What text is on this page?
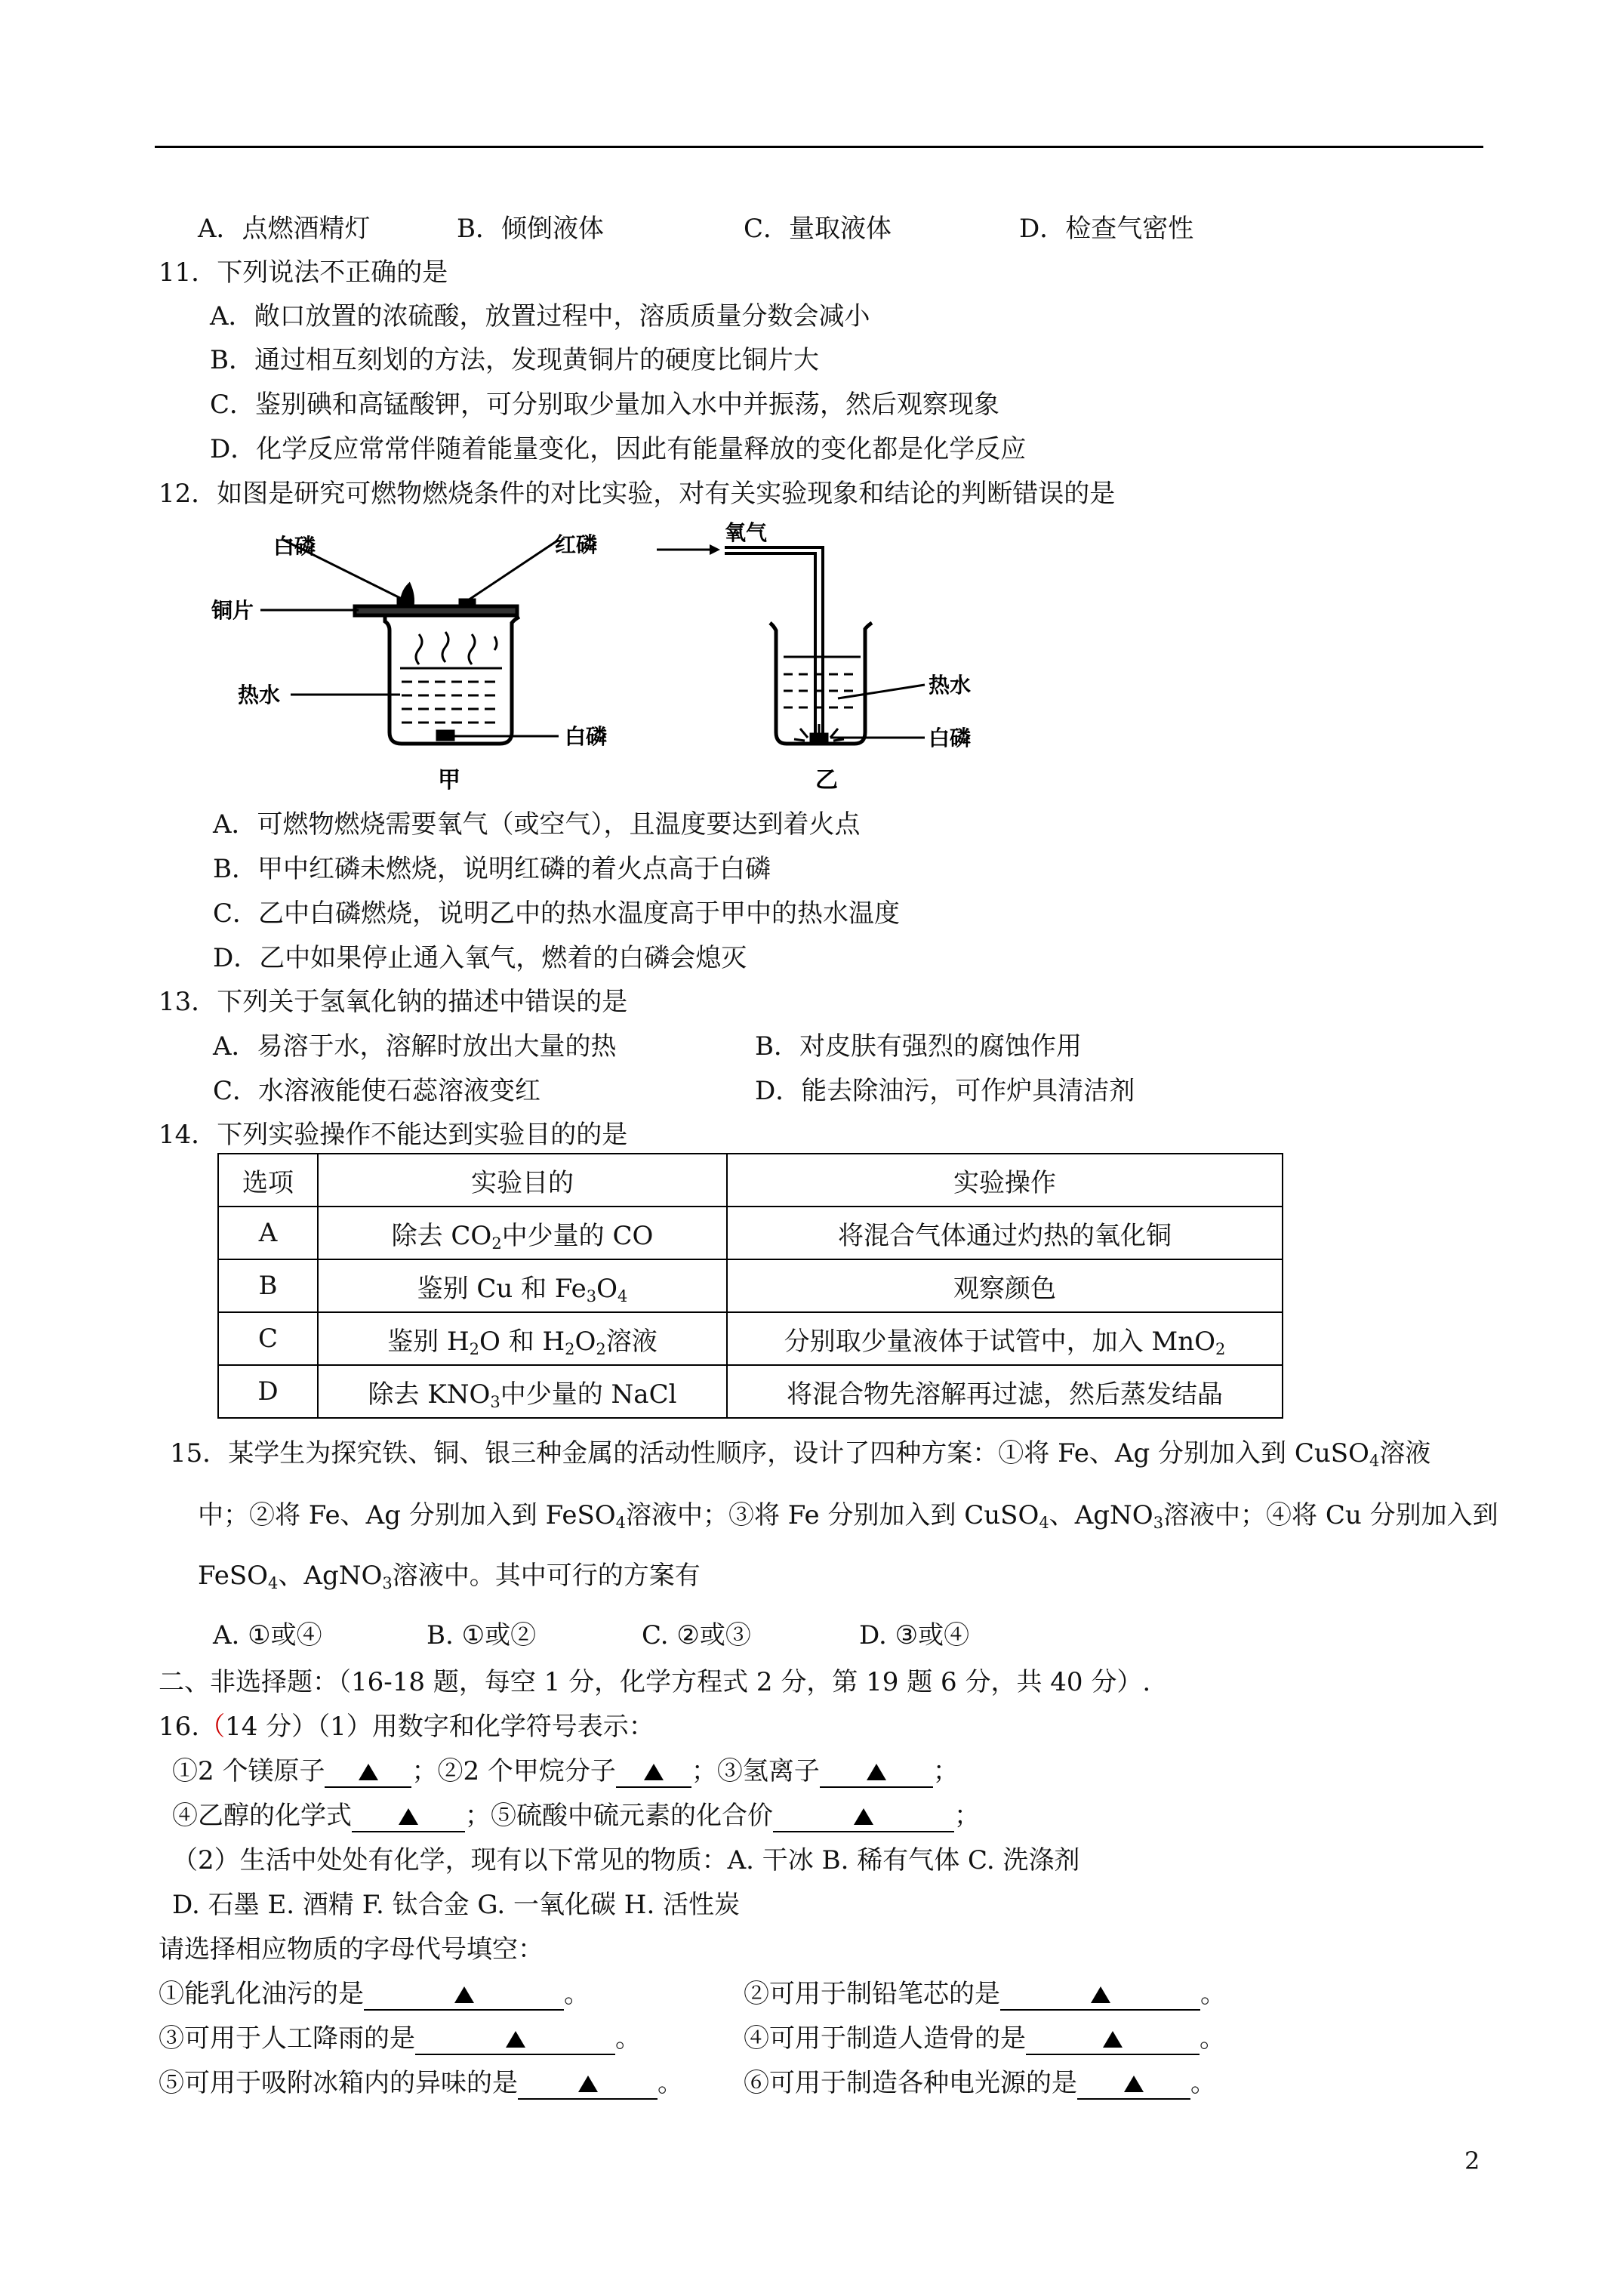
A．点燃酒精灯	B．倾倒液体	C．量取液体	D．检查气密性
11．下列说法不正确的是
A．敞口放置的浓硫酸，放置过程中，溶质质量分数会减小
B．通过相互刻划的方法，发现黄铜片的硬度比铜片大
C．鉴别碘和高锰酸钾，可分别取少量加入水中并振荡，然后观察现象
D．化学反应常常伴随着能量变化，因此有能量释放的变化都是化学反应
12．如图是研究可燃物燃烧条件的对比实验，对有关实验现象和结论的判断错误的是
白磷	红磷
铜片
热水
白磷
甲
氧气
热水
白磷
乙
A．可燃物燃烧需要氧气（或空气），且温度要达到着火点
B．甲中红磷未燃烧，说明红磷的着火点高于白磷
C．乙中白磷燃烧，说明乙中的热水温度高于甲中的热水温度
D．乙中如果停止通入氧气，燃着的白磷会熄灭
13．下列关于氢氧化钠的描述中错误的是
A．易溶于水，溶解时放出大量的热	B．对皮肤有强烈的腐蚀作用
C．水溶液能使石蕊溶液变红	D．能去除油污，可作炉具清洁剂
14．下列实验操作不能达到实验目的的是
选项	实验目的	实验操作
A	除去 $CO_2$中少量的 CO	将混合气体通过灼热的氧化铜
B	鉴别 Cu 和 $Fe_3O_4$	观察颜色
C	鉴别 $H_2O$ 和 $H_2O_2$溶液	分别取少量液体于试管中，加入 MnO$_2$
D	除去 $KNO_3$中少量的 NaCl	将混合物先溶解再过滤，然后蒸发结晶
15．某学生为探究铁、铜、银三种金属的活动性顺序，设计了四种方案：①将 Fe、Ag 分别加入到 CuSO$_4$溶液
中；②将 Fe、Ag 分别加入到 FeSO$_4$溶液中；③将 Fe 分别加入到 CuSO$_4$、AgNO$_3$溶液中；④将 Cu 分别加入到
FeSO$_4$、AgNO$_3$溶液中。其中可行的方案有
A. ①或④	B. ①或②	C. ②或③	D. ③或④
二、非选择题：（16-18 题，每空 1 分，化学方程式 2 分，第 19 题 6 分，共 40 分）.
16.（14 分）（1）用数字和化学符号表示：
①2 个镁原子	；②2 个甲烷分子	；③氢离子	；
④乙醇的化学式	；⑤硫酸中硫元素的化合价	；
（2）生活中处处有化学，现有以下常见的物质：A. 干冰 B. 稀有气体 C. 洗涤剂
D. 石墨 E. 酒精 F. 钛合金 G. 一氧化碳 H. 活性炭
请选择相应物质的字母代号填空：
①能乳化油污的是	。	②可用于制铅笔芯的是	。
③可用于人工降雨的是	。	④可用于制造人造骨的是	。
⑤可用于吸附冰箱内的异味的是	。 ⑥可用于制造各种电光源的是	。
2
